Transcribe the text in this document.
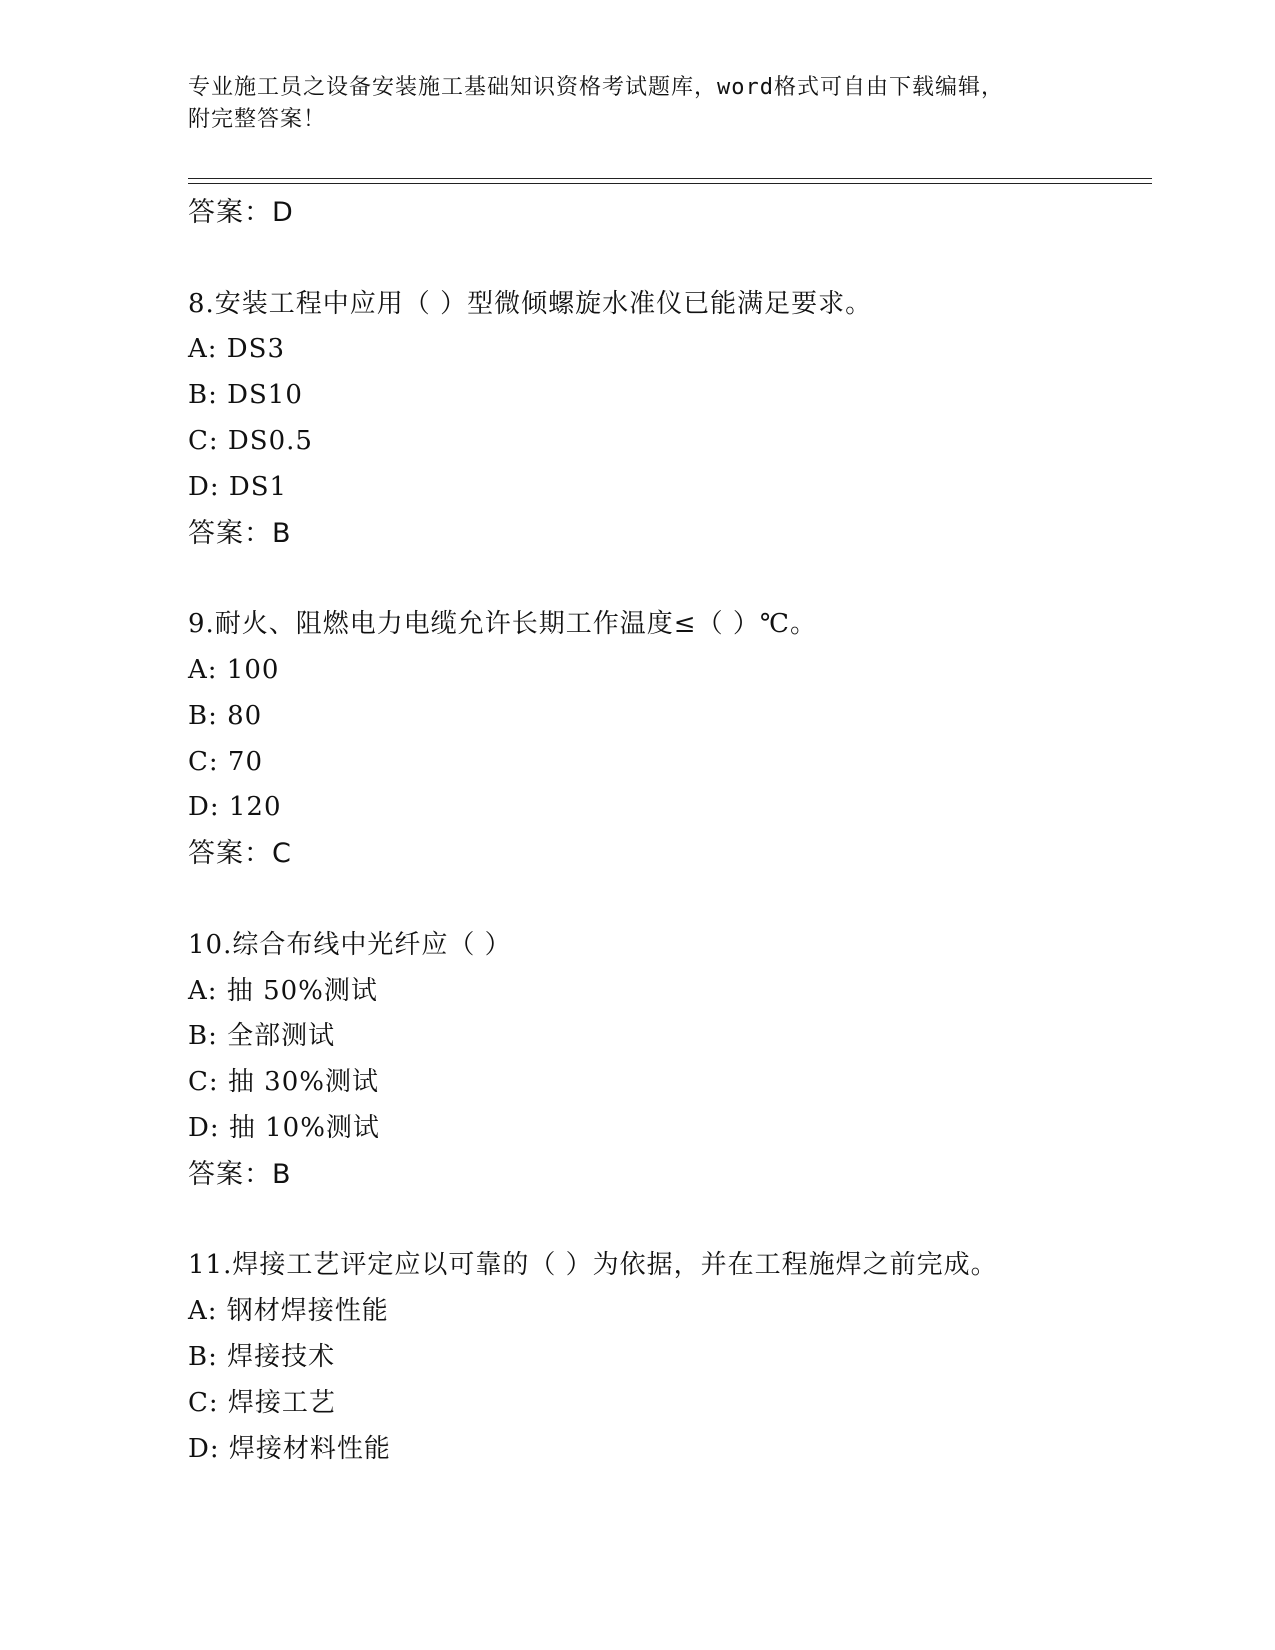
专业施工员之设备安装施工基础知识资格考试题库，word格式可自由下载编辑，
附完整答案！
答案：D
8.安装工程中应用（ ）型微倾螺旋水准仪已能满足要求。
A: DS3
B: DS10
C: DS0.5
D: DS1
答案：B
9.耐火、阻燃电力电缆允许长期工作温度≤（ ）℃。
A: 100
B: 80
C: 70
D: 120
答案：C
10.综合布线中光纤应（ ）
A: 抽 50%测试
B: 全部测试
C: 抽 30%测试
D: 抽 10%测试
答案：B
11.焊接工艺评定应以可靠的（ ）为依据，并在工程施焊之前完成。
A: 钢材焊接性能
B: 焊接技术
C: 焊接工艺
D: 焊接材料性能
